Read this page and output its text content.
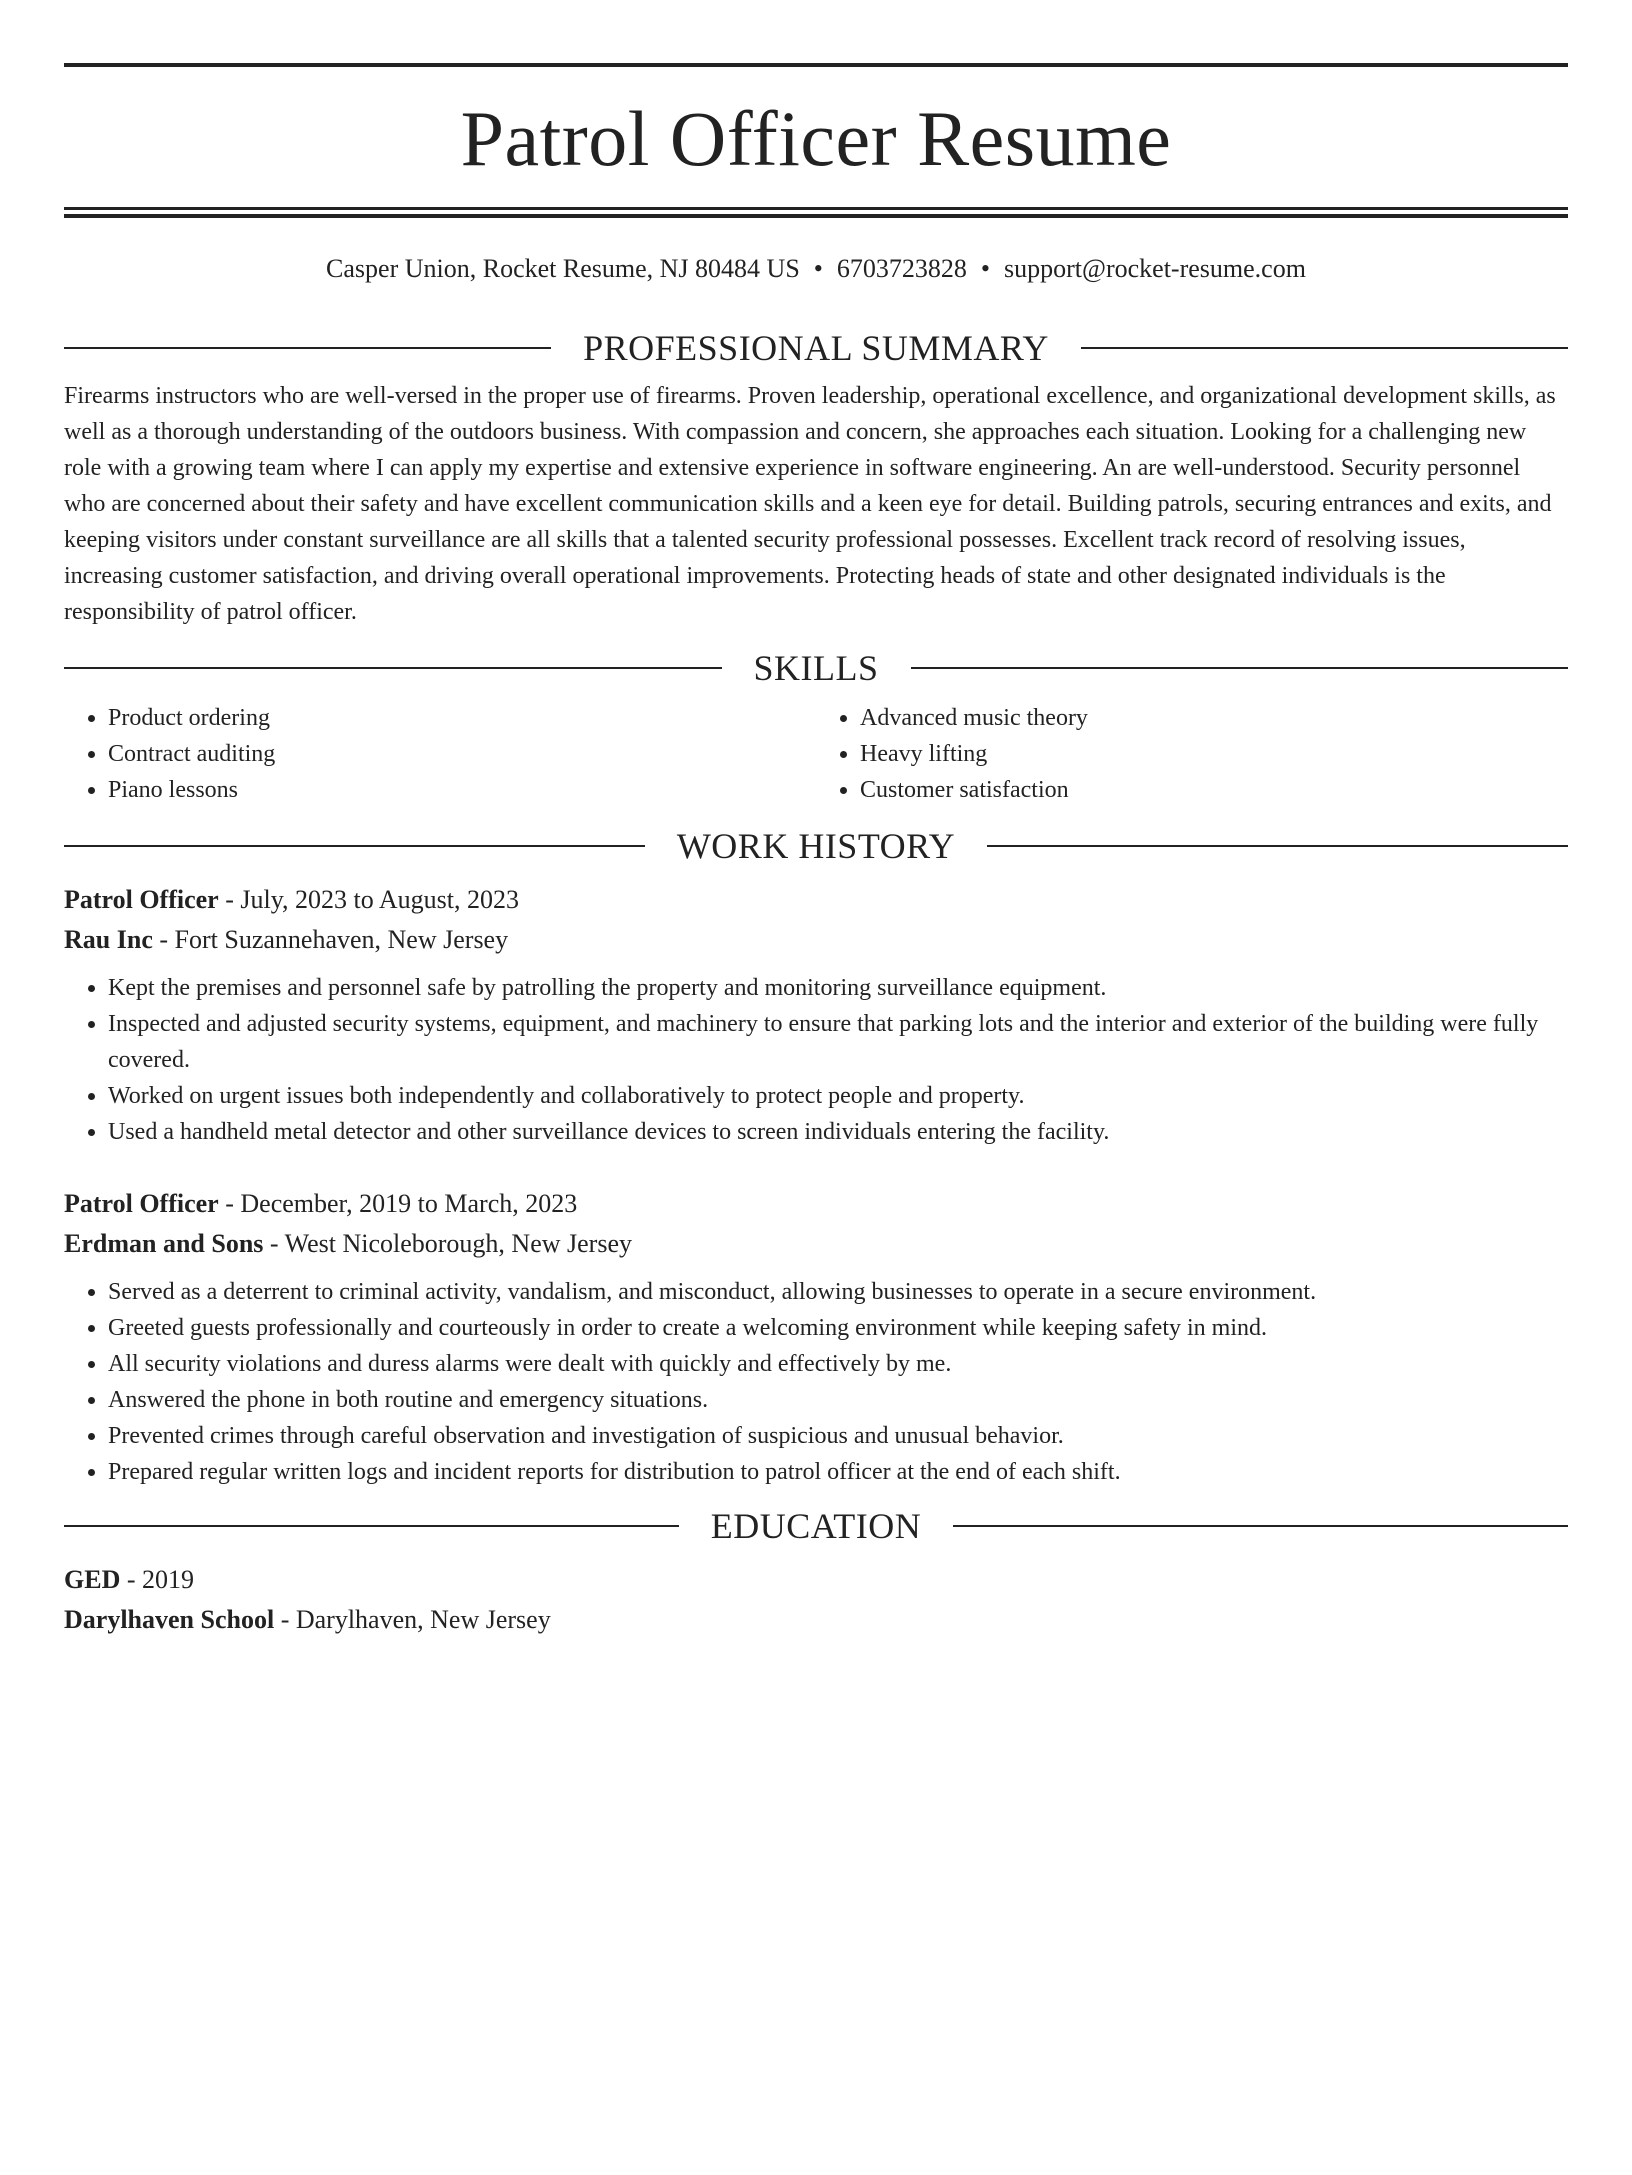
Patrol Officer Resume
Casper Union, Rocket Resume, NJ 80484 US • 6703723828 • support@rocket-resume.com
PROFESSIONAL SUMMARY

Firearms instructors who are well-versed in the proper use of firearms. Proven leadership, operational excellence, and organizational development skills, as well as a thorough understanding of the outdoors business. With compassion and concern, she approaches each situation. Looking for a challenging new role with a growing team where I can apply my expertise and extensive experience in software engineering. An are well-understood. Security personnel who are concerned about their safety and have excellent communication skills and a keen eye for detail. Building patrols, securing entrances and exits, and keeping visitors under constant surveillance are all skills that a talented security professional possesses. Excellent track record of resolving issues, increasing customer satisfaction, and driving overall operational improvements. Protecting heads of state and other designated individuals is the responsibility of patrol officer.

SKILLS
• Product ordering
• Contract auditing
• Piano lessons
• Advanced music theory
• Heavy lifting
• Customer satisfaction
WORK HISTORY
Patrol Officer - July, 2023 to August, 2023
Rau Inc - Fort Suzannehaven, New Jersey
• Kept the premises and personnel safe by patrolling the property and monitoring surveillance equipment.
• Inspected and adjusted security systems, equipment, and machinery to ensure that parking lots and the interior and exterior of the building were fully covered.
• Worked on urgent issues both independently and collaboratively to protect people and property.
• Used a handheld metal detector and other surveillance devices to screen individuals entering the facility.
Patrol Officer - December, 2019 to March, 2023
Erdman and Sons - West Nicoleborough, New Jersey
• Served as a deterrent to criminal activity, vandalism, and misconduct, allowing businesses to operate in a secure environment.
• Greeted guests professionally and courteously in order to create a welcoming environment while keeping safety in mind.
• All security violations and duress alarms were dealt with quickly and effectively by me.
• Answered the phone in both routine and emergency situations.
• Prevented crimes through careful observation and investigation of suspicious and unusual behavior.
• Prepared regular written logs and incident reports for distribution to patrol officer at the end of each shift.
EDUCATION
GED - 2019
Darylhaven School - Darylhaven, New Jersey
